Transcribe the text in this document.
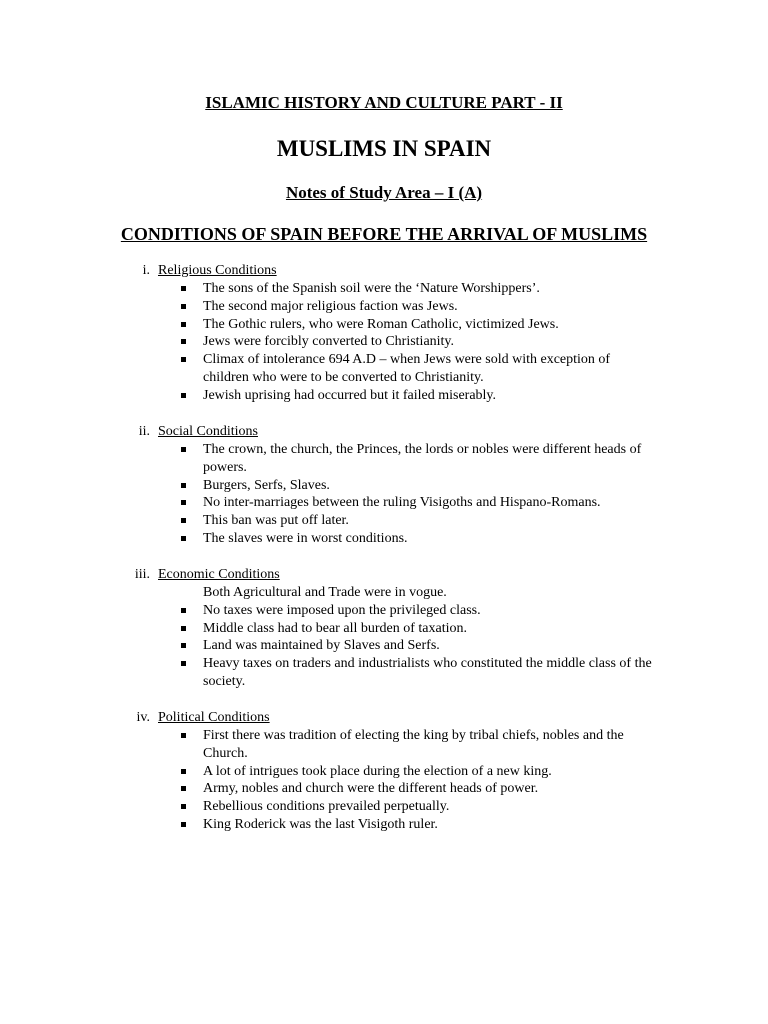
ISLAMIC HISTORY AND CULTURE PART - II
MUSLIMS IN SPAIN
Notes of Study Area – I (A)
CONDITIONS OF SPAIN BEFORE THE ARRIVAL OF MUSLIMS
i. Religious Conditions
The sons of the Spanish soil were the ‘Nature Worshippers’.
The second major religious faction was Jews.
The Gothic rulers, who were Roman Catholic, victimized Jews.
Jews were forcibly converted to Christianity.
Climax of intolerance 694 A.D – when Jews were sold with exception of children who were to be converted to Christianity.
Jewish uprising had occurred but it failed miserably.
ii. Social Conditions
The crown, the church, the Princes, the lords or nobles were different heads of powers.
Burgers, Serfs, Slaves.
No inter-marriages between the ruling Visigoths and Hispano-Romans.
This ban was put off later.
The slaves were in worst conditions.
iii. Economic Conditions
Both Agricultural and Trade were in vogue.
No taxes were imposed upon the privileged class.
Middle class had to bear all burden of taxation.
Land was maintained by Slaves and Serfs.
Heavy taxes on traders and industrialists who constituted the middle class of the society.
iv. Political Conditions
First there was tradition of electing the king by tribal chiefs, nobles and the Church.
A lot of intrigues took place during the election of a new king.
Army, nobles and church were the different heads of power.
Rebellious conditions prevailed perpetually.
King Roderick was the last Visigoth ruler.
